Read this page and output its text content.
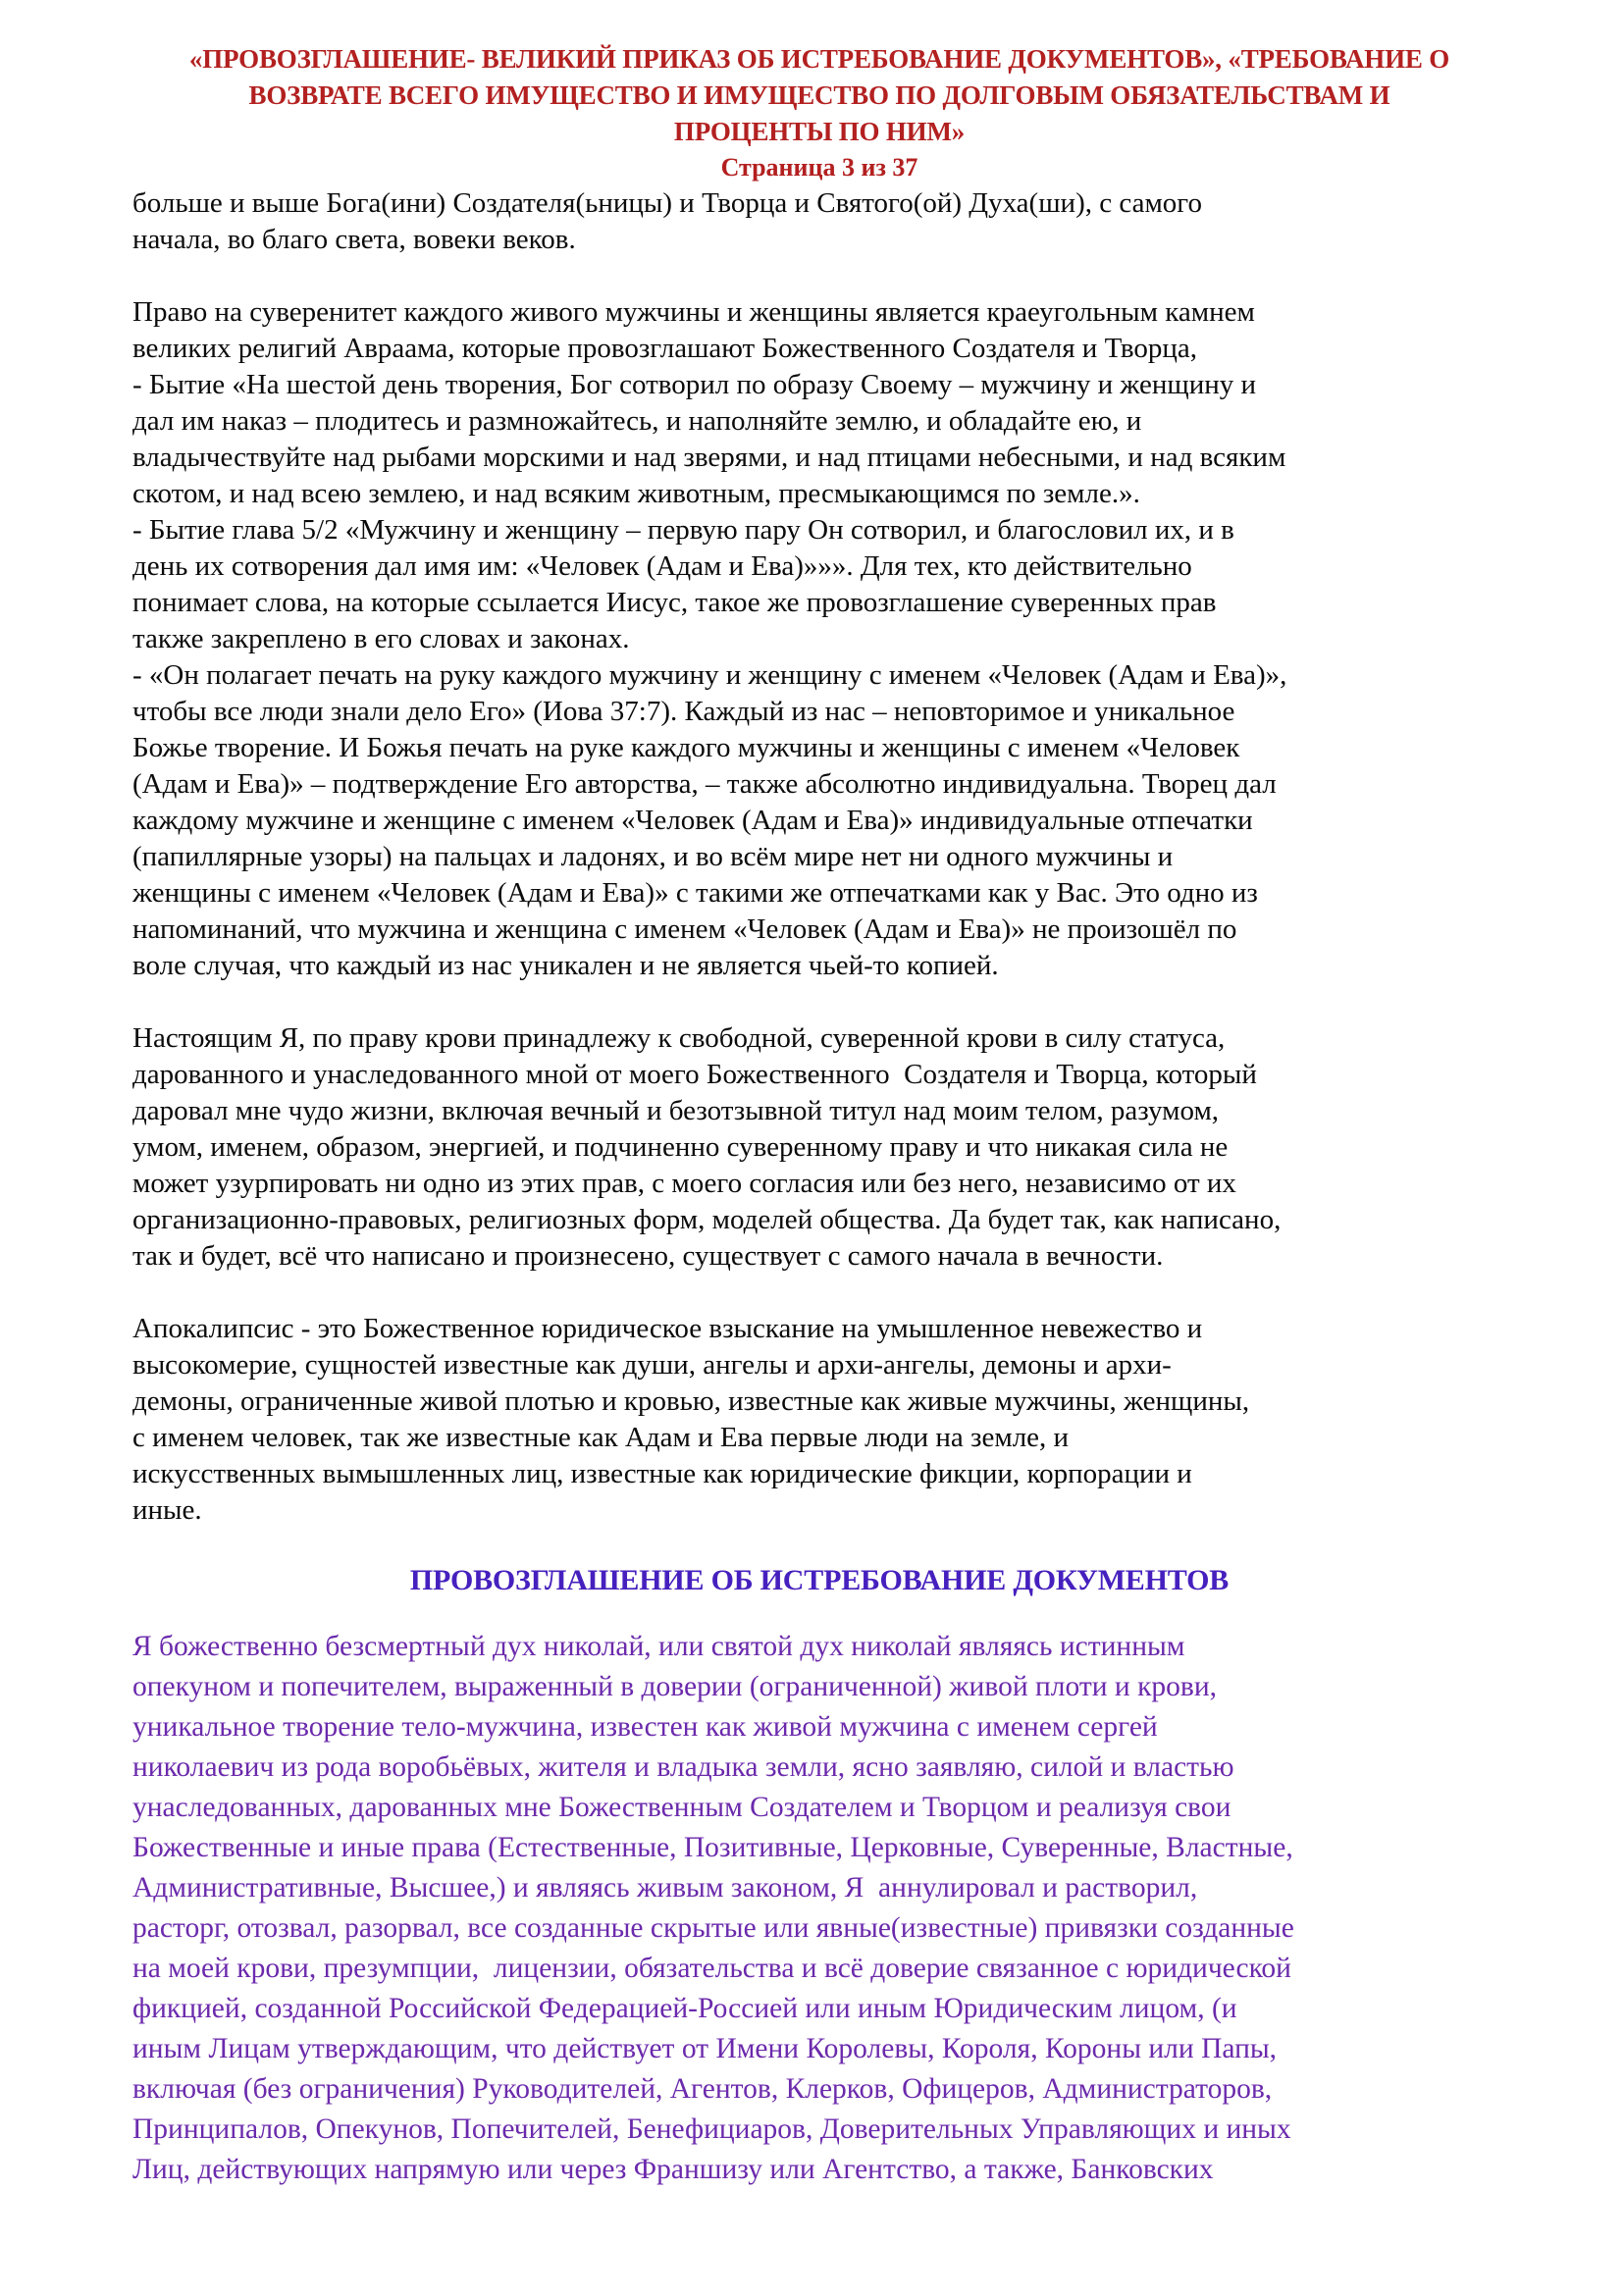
«ПРОВОЗГЛАШЕНИЕ- ВЕЛИКИЙ ПРИКАЗ ОБ ИСТРЕБОВАНИЕ ДОКУМЕНТОВ», «ТРЕБОВАНИЕ О
ВОЗВРАТЕ ВСЕГО ИМУЩЕСТВО И ИМУЩЕСТВО ПО ДОЛГОВЫМ ОБЯЗАТЕЛЬСТВАМ И
ПРОЦЕНТЫ ПО НИМ»
Страница 3 из 37
больше и выше Бога(ини) Создателя(ьницы) и Творца и Святого(ой) Духа(ши), с самого
начала, во благо света, вовеки веков.
Право на суверенитет каждого живого мужчины и женщины является краеугольным камнем
великих религий Авраама, которые провозглашают Божественного Создателя и Творца,
- Бытие «На шестой день творения, Бог сотворил по образу Своему – мужчину и женщину и
дал им наказ – плодитесь и размножайтесь, и наполняйте землю, и обладайте ею, и
владычествуйте над рыбами морскими и над зверями, и над птицами небесными, и над всяким
скотом, и над всею землею, и над всяким животным, пресмыкающимся по земле.».
- Бытие глава 5/2 «Мужчину и женщину – первую пару Он сотворил, и благословил их, и в
день их сотворения дал имя им: «Человек (Адам и Ева)»»». Для тех, кто действительно
понимает слова, на которые ссылается Иисус, такое же провозглашение суверенных прав
также закреплено в его словах и законах.
- «Он полагает печать на руку каждого мужчину и женщину с именем «Человек (Адам и Ева)»,
чтобы все люди знали дело Его» (Иова 37:7). Каждый из нас – неповторимое и уникальное
Божье творение. И Божья печать на руке каждого мужчины и женщины с именем «Человек
(Адам и Ева)» – подтверждение Его авторства, – также абсолютно индивидуальна. Творец дал
каждому мужчине и женщине с именем «Человек (Адам и Ева)» индивидуальные отпечатки
(папиллярные узоры) на пальцах и ладонях, и во всём мире нет ни одного мужчины и
женщины с именем «Человек (Адам и Ева)» с такими же отпечатками как у Вас. Это одно из
напоминаний, что мужчина и женщина с именем «Человек (Адам и Ева)» не произошёл по
воле случая, что каждый из нас уникален и не является чьей-то копией.
Настоящим Я, по праву крови принадлежу к свободной, суверенной крови в силу статуса,
дарованного и унаследованного мной от моего Божественного  Создателя и Творца, который
даровал мне чудо жизни, включая вечный и безотзывной титул над моим телом, разумом,
умом, именем, образом, энергией, и подчиненно суверенному праву и что никакая сила не
может узурпировать ни одно из этих прав, с моего согласия или без него, независимо от их
организационно-правовых, религиозных форм, моделей общества. Да будет так, как написано,
так и будет, всё что написано и произнесено, существует с самого начала в вечности.
Апокалипсис - это Божественное юридическое взыскание на умышленное невежество и
высокомерие, сущностей известные как души, ангелы и архи-ангелы, демоны и архи-
демоны, ограниченные живой плотью и кровью, известные как живые мужчины, женщины,
с именем человек, так же известные как Адам и Ева первые люди на земле, и
искусственных вымышленных лиц, известные как юридические фикции, корпорации и
иные.
ПРОВОЗГЛАШЕНИЕ ОБ ИСТРЕБОВАНИЕ ДОКУМЕНТОВ
Я божественно безсмертный дух николай, или святой дух николай являясь истинным
опекуном и попечителем, выраженный в доверии (ограниченной) живой плоти и крови,
уникальное творение тело-мужчина, известен как живой мужчина с именем сергей
николаевич из рода воробьёвых, жителя и владыка земли, ясно заявляю, силой и властью
унаследованных, дарованных мне Божественным Создателем и Творцом и реализуя свои
Божественные и иные права (Естественные, Позитивные, Церковные, Суверенные, Властные,
Административные, Высшее,) и являясь живым законом, Я  аннулировал и растворил,
расторг, отозвал, разорвал, все созданные скрытые или явные(известные) привязки созданные
на моей крови, презумпции,  лицензии, обязательства и всё доверие связанное с юридической
фикцией, созданной Российской Федерацией-Россией или иным Юридическим лицом, (и
иным Лицам утверждающим, что действует от Имени Королевы, Короля, Короны или Папы,
включая (без ограничения) Руководителей, Агентов, Клерков, Офицеров, Администраторов,
Принципалов, Опекунов, Попечителей, Бенефициаров, Доверительных Управляющих и иных
Лиц, действующих напрямую или через Франшизу или Агентство, а также, Банковских
